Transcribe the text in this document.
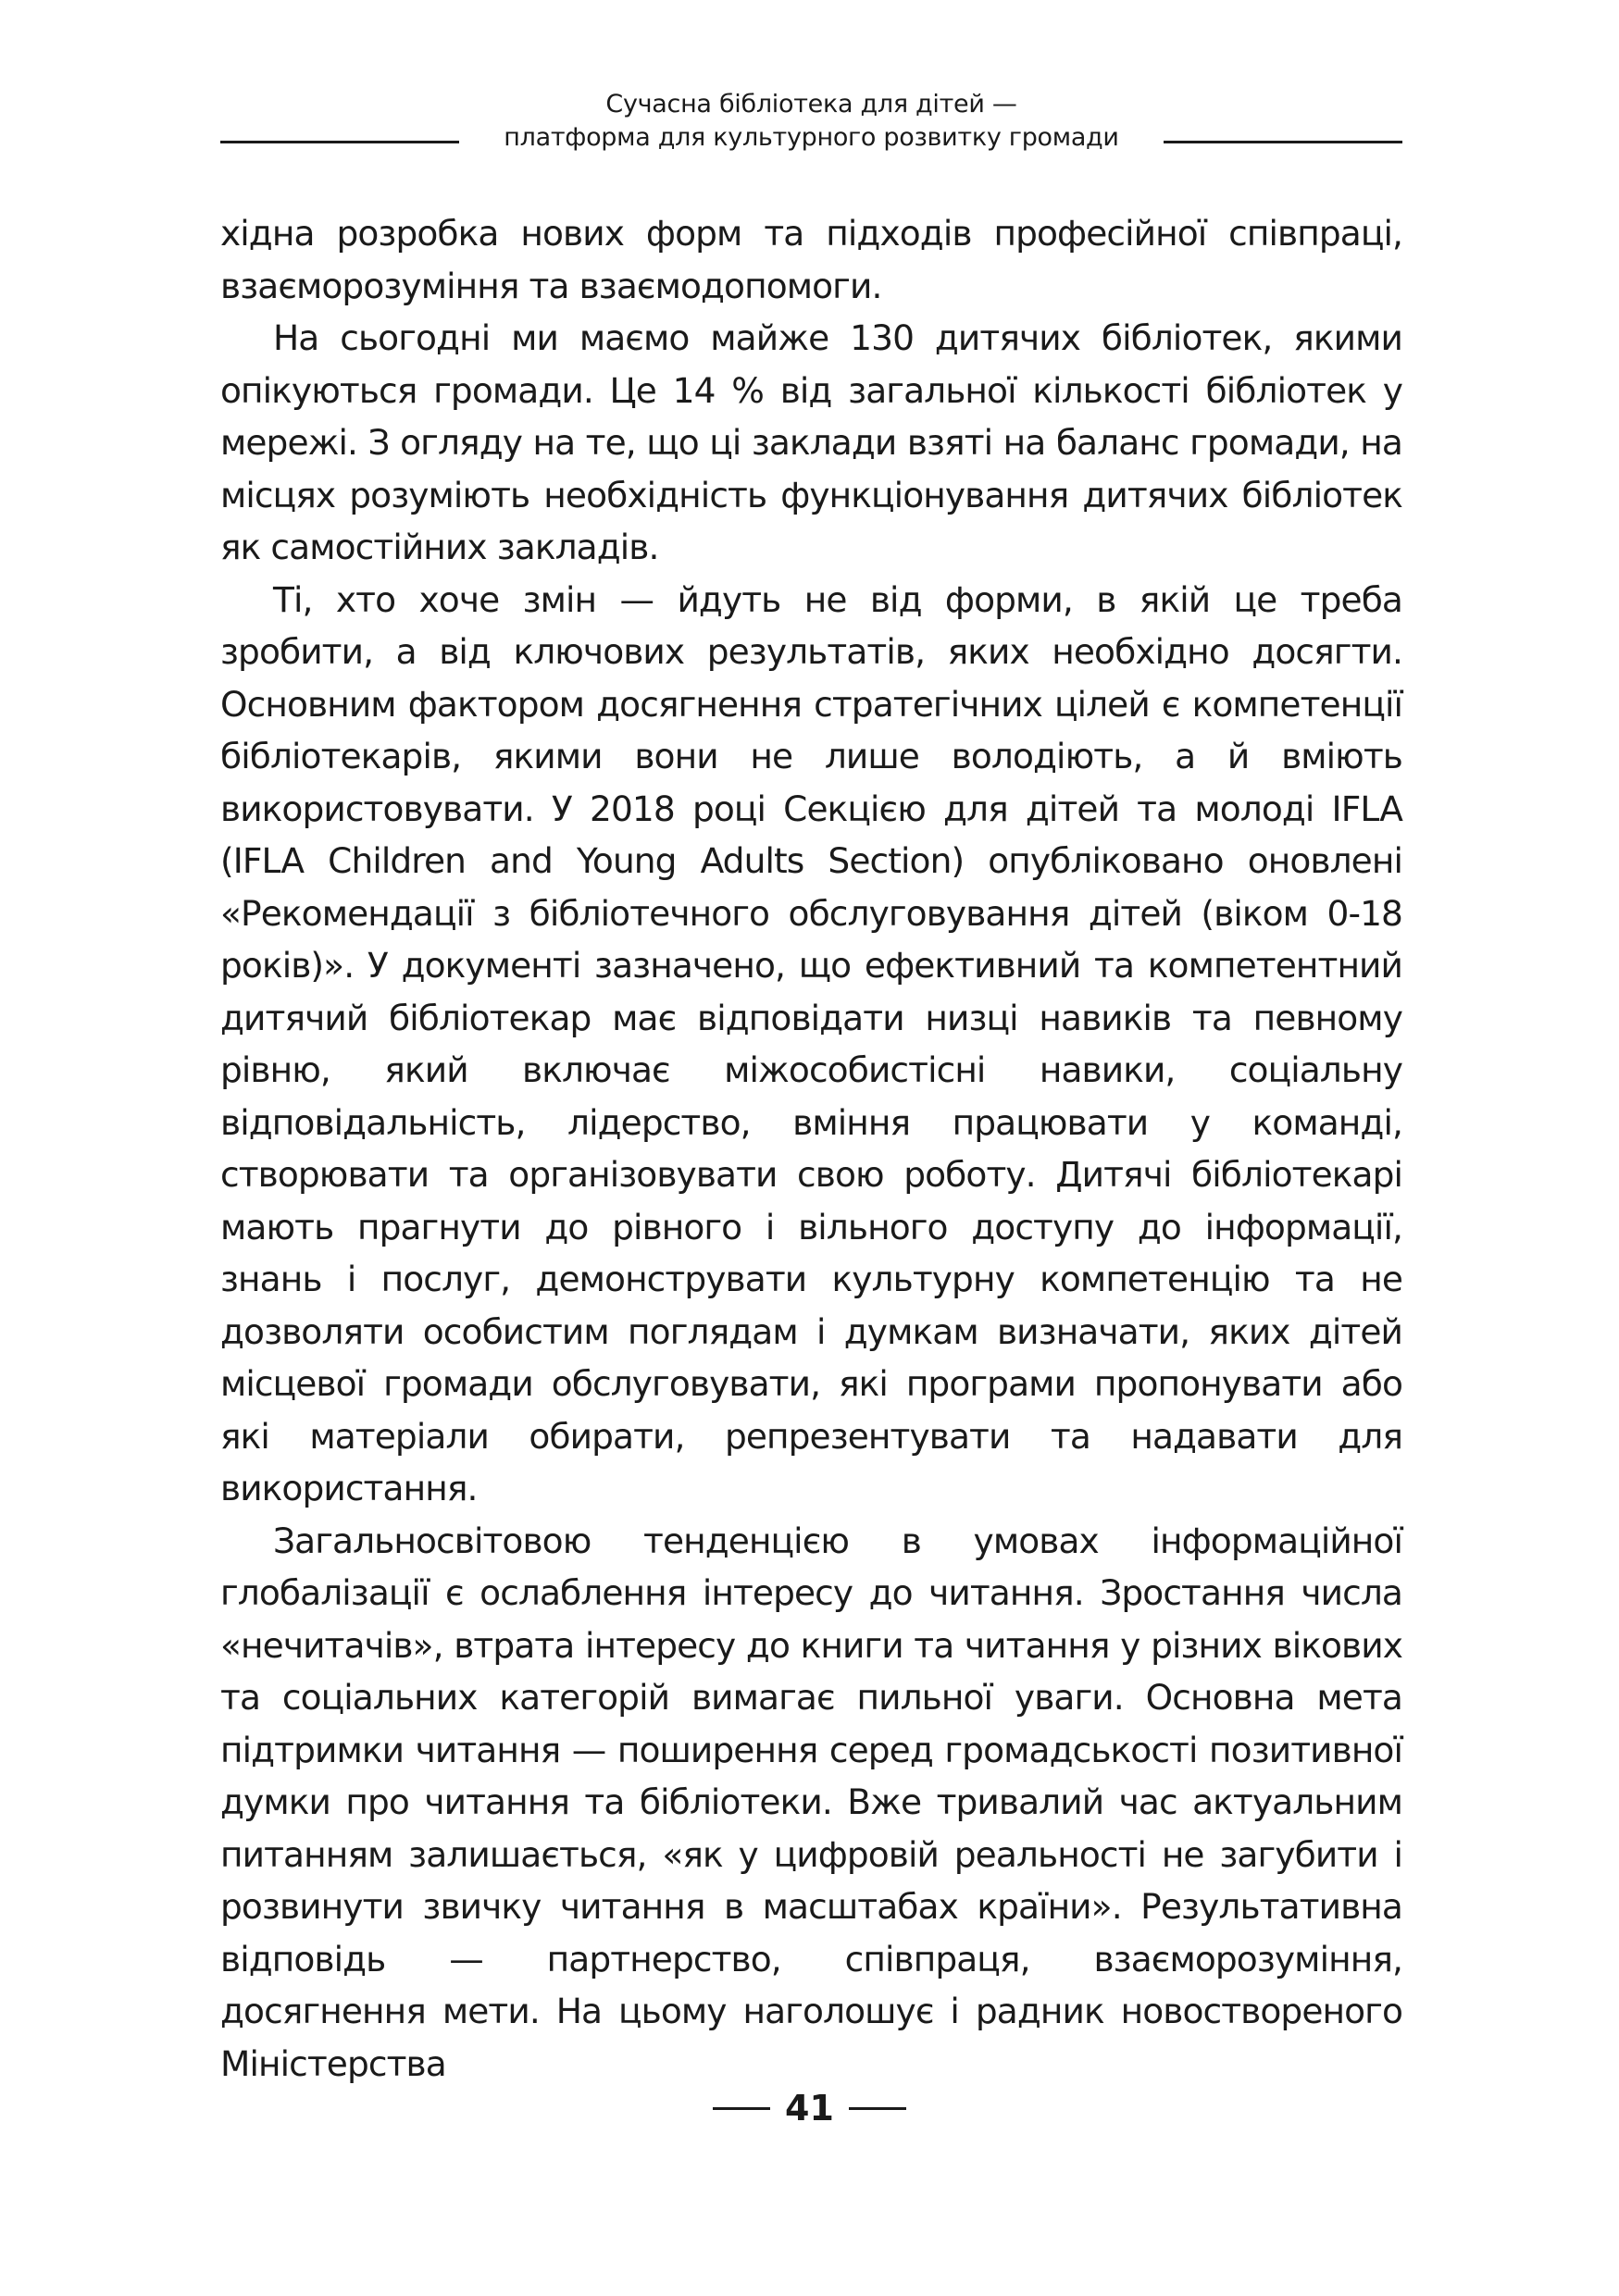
Сучасна бібліотека для дітей —
платформа для культурного розвитку громади

хідна розробка нових форм та підходів професійної співпраці, взаєморозуміння та взаємодопомоги.

На сьогодні ми маємо майже 130 дитячих бібліотек, якими опікуються громади. Це 14 % від загальної кількості бібліотек у мережі. З огляду на те, що ці заклади взяті на баланс громади, на місцях розуміють необхідність функціонування дитячих бібліотек як самостійних закладів.

Ті, хто хоче змін — йдуть не від форми, в якій це треба зробити, а від ключових результатів, яких необхідно досягти. Основним фактором досягнення стратегічних цілей є компетенції бібліотекарів, якими вони не лише володіють, а й вміють використовувати. У 2018 році Секцією для дітей та молоді IFLA (IFLA Children and Young Adults Section) опубліковано оновлені «Рекомендації з бібліотечного обслуговування дітей (віком 0-18 років)». У документі зазначено, що ефективний та компетентний дитячий бібліотекар має відповідати низці навиків та певному рівню, який включає міжособистісні навики, соціальну відповідальність, лідерство, вміння працювати у команді, створювати та організовувати свою роботу. Дитячі бібліотекарі мають прагнути до рівного і вільного доступу до інформації, знань і послуг, демонструвати культурну компетенцію та не дозволяти особистим поглядам і думкам визначати, яких дітей місцевої громади обслуговувати, які програми пропонувати або які матеріали обирати, репрезентувати та надавати для використання.

Загальносвітовою тенденцією в умовах інформаційної глобалізації є ослаблення інтересу до читання. Зростання числа «нечитачів», втрата інтересу до книги та читання у різних вікових та соціальних категорій вимагає пильної уваги. Основна мета підтримки читання — поширення серед громадськості позитивної думки про читання та бібліотеки. Вже тривалий час актуальним питанням залишається, «як у цифровій реальності не загубити і розвинути звичку читання в масштабах країни». Результативна відповідь — партнерство, співпраця, взаєморозуміння, досягнення мети. На цьому наголошує і радник новоствореного Міністерства

41
